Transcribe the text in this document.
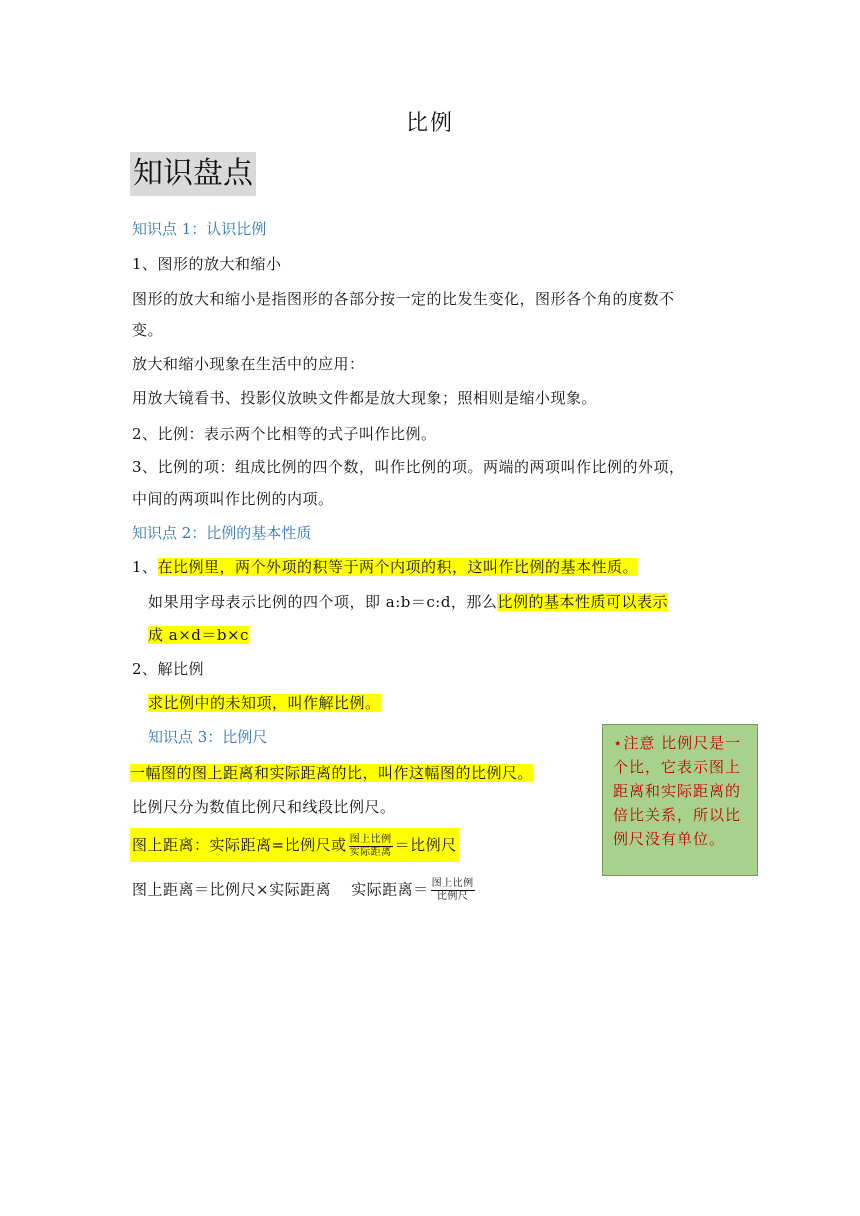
比例
知识盘点
知识点 1：认识比例
1、图形的放大和缩小
图形的放大和缩小是指图形的各部分按一定的比发生变化，图形各个角的度数不
变。
放大和缩小现象在生活中的应用：
用放大镜看书、投影仪放映文件都是放大现象；照相则是缩小现象。
2、比例：表示两个比相等的式子叫作比例。
3、比例的项：组成比例的四个数，叫作比例的项。两端的两项叫作比例的外项，
中间的两项叫作比例的内项。
知识点 2：比例的基本性质
1、在比例里，两个外项的积等于两个内项的积，这叫作比例的基本性质。
如果用字母表示比例的四个项，即 a:b＝c:d，那么比例的基本性质可以表示
成 a×d＝b×c
2、解比例
求比例中的未知项，叫作解比例。
知识点 3：比例尺
一幅图的图上距离和实际距离的比，叫作这幅图的比例尺。
比例尺分为数值比例尺和线段比例尺。
图上距离：实际距离=比例尺或 $\frac{\text{图上比例}}{\text{实际距离}}$ ＝比例尺
图上距离＝比例尺×实际距离 实际距离＝ $\frac{\text{图上比例}}{\text{比例尺}}$
⋆注意 比例尺是一个比，它表示图上距离和实际距离的倍比关系，所以比例尺没有单位。
